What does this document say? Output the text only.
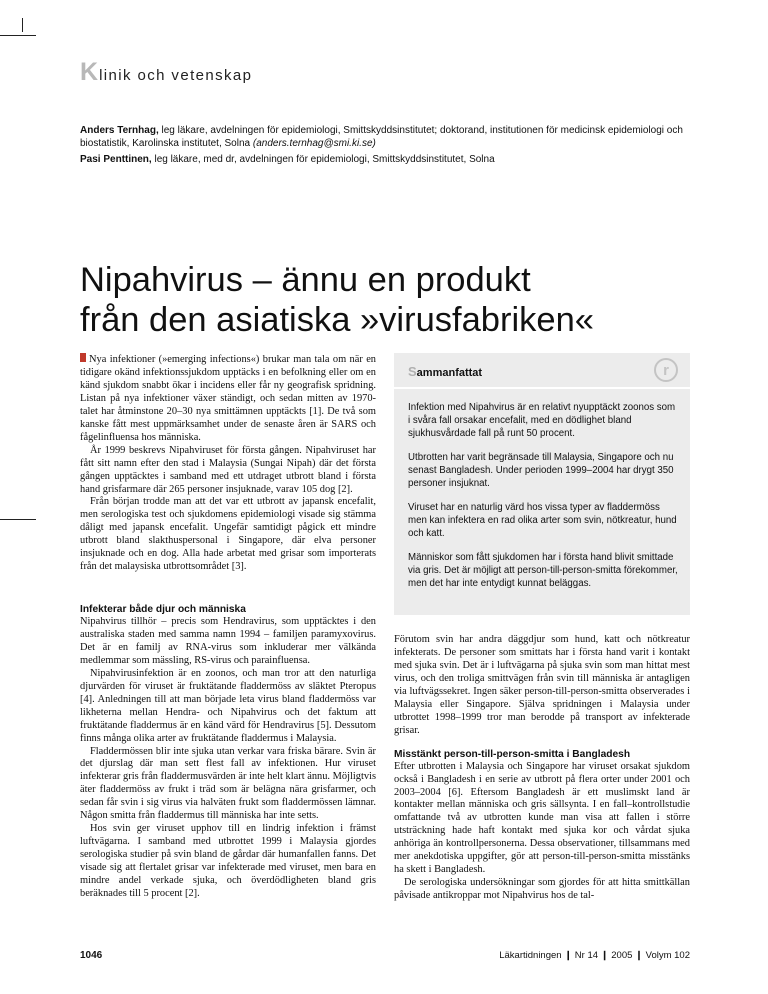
K linik och vetenskap

Anders Ternhag, leg läkare, avdelningen för epidemiologi, Smittskyddsinstitutet; doktorand, institutionen för medicinsk epidemiologi och biostatistik, Karolinska institutet, Solna (anders.ternhag@smi.ki.se)

Pasi Penttinen, leg läkare, med dr, avdelningen för epidemiologi, Smittskyddsinstitutet, Solna

Nipahvirus – ännu en produkt
från den asiatiska »virusfabriken«

Nya infektioner (»emerging infections«) brukar man tala om när en tidigare okänd infektionssjukdom upptäcks i en befolkning eller om en känd sjukdom snabbt ökar i incidens eller får ny geografisk spridning. Listan på nya infektioner växer ständigt, och sedan mitten av 1970-talet har åtminstone 20–30 nya smittämnen upptäckts [1]. De två som kanske fått mest uppmärksamhet under de senaste åren är SARS och fågelinfluensa hos människa.

År 1999 beskrevs Nipahviruset för första gången. Nipahviruset har fått sitt namn efter den stad i Malaysia (Sungai Nipah) där det första gången upptäcktes i samband med ett utdraget utbrott bland i första hand grisfarmare där 265 personer insjuknade, varav 105 dog [2].

Från början trodde man att det var ett utbrott av japansk encefalit, men serologiska test och sjukdomens epidemiologi visade sig stämma dåligt med japansk encefalit. Ungefär samtidigt pågick ett mindre utbrott bland slakthuspersonal i Singapore, där elva personer insjuknade och en dog. Alla hade arbetat med grisar som importerats från det malaysiska utbrottsområdet [3].

Infekterar både djur och människa

Nipahvirus tillhör – precis som Hendravirus, som upptäcktes i den australiska staden med samma namn 1994 – familjen paramyxovirus. Det är en familj av RNA-virus som inkluderar mer välkända medlemmar som mässling, RS-virus och parainfluensa.

Nipahvirusinfektion är en zoonos, och man tror att den naturliga djurvärden för viruset är fruktätande fladdermöss av släktet Pteropus [4]. Anledningen till att man började leta virus bland fladdermöss var likheterna mellan Hendra- och Nipahvirus och det faktum att fruktätande fladdermus är en känd värd för Hendravirus [5]. Dessutom finns många olika arter av fruktätande fladdermus i Malaysia.

Fladdermössen blir inte sjuka utan verkar vara friska bärare. Svin är det djurslag där man sett flest fall av infektionen. Hur viruset infekterar gris från fladdermusvärden är inte helt klart ännu. Möjligtvis äter fladdermöss av frukt i träd som är belägna nära grisfarmer, och sedan får svin i sig virus via halväten frukt som fladdermössen lämnar. Någon smitta från fladdermus till människa har inte setts.

Hos svin ger viruset upphov till en lindrig infektion i främst luftvägarna. I samband med utbrottet 1999 i Malaysia gjordes serologiska studier på svin bland de gårdar där humanfallen fanns. Det visade sig att flertalet grisar var infekterade med viruset, men bara en mindre andel verkade sjuka, och överdödligheten bland gris beräknades till 5 procent [2].

Sammanfattat	r

Infektion med Nipahvirus är en relativt nyupptäckt zoonos som i svåra fall orsakar encefalit, med en dödlighet bland sjukhusvårdade fall på runt 50 procent.

Utbrotten har varit begränsade till Malaysia, Singapore och nu senast Bangladesh. Under perioden 1999–2004 har drygt 350 personer insjuknat.

Viruset har en naturlig värd hos vissa typer av fladdermöss men kan infektera en rad olika arter som svin, nötkreatur, hund och katt.

Människor som fått sjukdomen har i första hand blivit smittade via gris. Det är möjligt att person-till-person-smitta förekommer, men det har inte entydigt kunnat beläggas.

Förutom svin har andra däggdjur som hund, katt och nötkreatur infekterats. De personer som smittats har i första hand varit i kontakt med sjuka svin. Det är i luftvägarna på sjuka svin som man hittat mest virus, och den troliga smittvägen från svin till människa är antagligen via luftvägssekret. Ingen säker person-till-person-smitta observerades i Malaysia eller Singapore. Själva spridningen i Malaysia under utbrottet 1998–1999 tror man berodde på transport av infekterade grisar.

Misstänkt person-till-person-smitta i Bangladesh

Efter utbrotten i Malaysia och Singapore har viruset orsakat sjukdom också i Bangladesh i en serie av utbrott på flera orter under 2001 och 2003–2004 [6]. Eftersom Bangladesh är ett muslimskt land är kontakter mellan människa och gris sällsynta. I en fall–kontrollstudie omfattande två av utbrotten kunde man visa att fallen i större utsträckning hade haft kontakt med sjuka kor och vårdat sjuka anhöriga än kontrollpersonerna. Dessa observationer, tillsammans med mer anekdotiska uppgifter, gör att person-till-person-smitta misstänks ha skett i Bangladesh.

De serologiska undersökningar som gjordes för att hitta smittkällan påvisade antikroppar mot Nipahvirus hos de tal-

1046	Läkartidningen ❙ Nr 14 ❙ 2005 ❙ Volym 102
